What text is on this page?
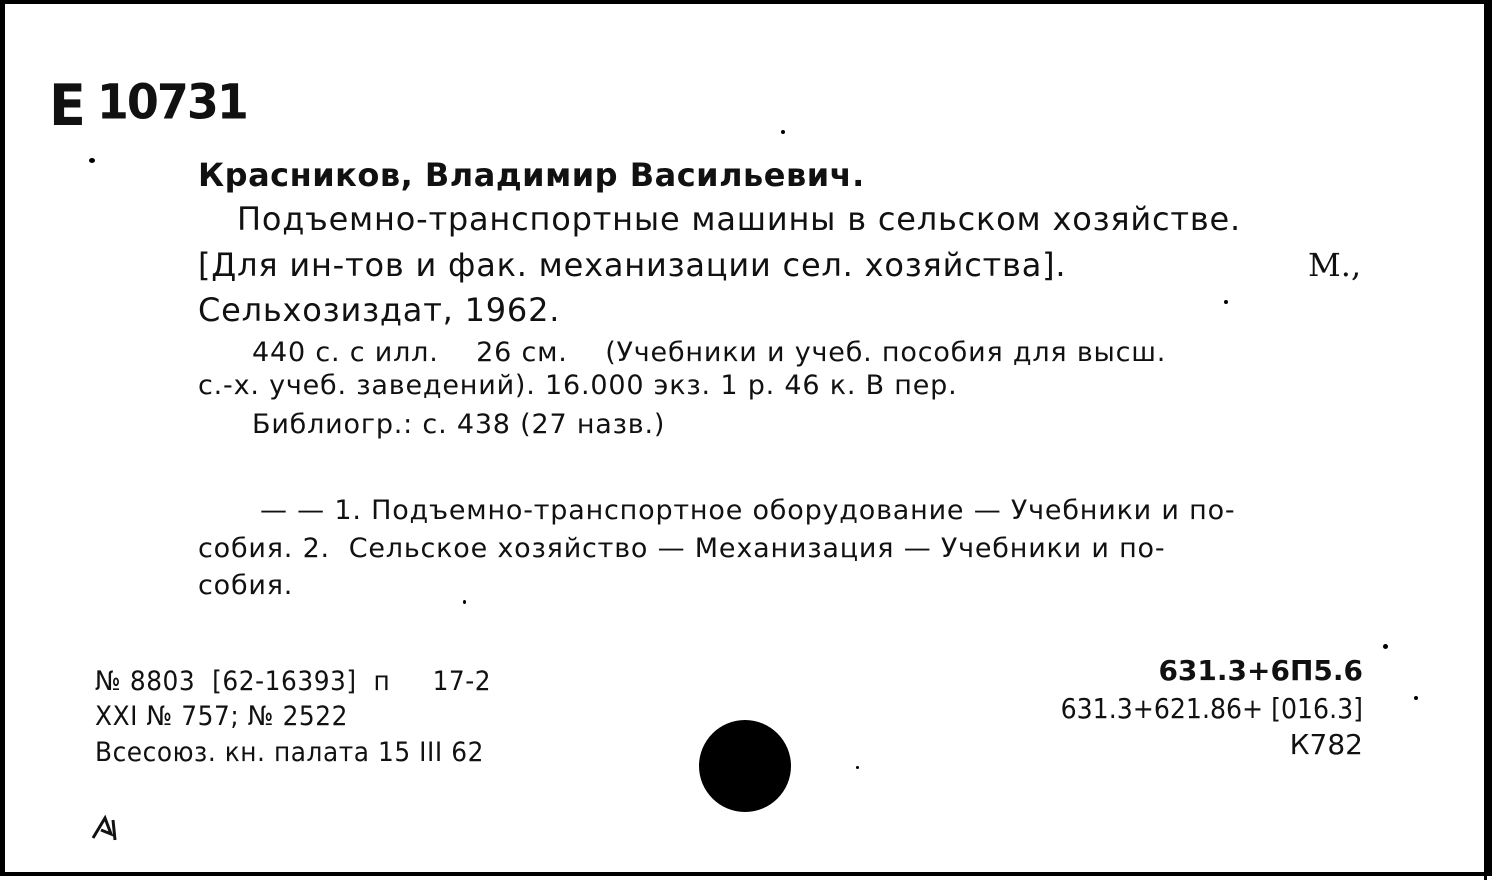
Е 10731
Красников, Владимир Васильевич.
Подъемно-транспортные машины в сельском хозяйстве.
[Для ин-тов и фак. механизации сел. хозяйства].	М.,
Сельхозиздат, 1962.
440 с. с илл.    26 см.    (Учебники и учеб. пособия для высш.
с.-х. учеб. заведений). 16.000 экз. 1 р. 46 к. В пер.
Библиогр.: с. 438 (27 назв.)
— — 1. Подъемно-транспортное оборудование — Учебники и по-
собия. 2.  Сельское хозяйство — Механизация — Учебники и по-
собия.
№ 8803  [62-16393]  п     17-2
XXI № 757; № 2522
Всесоюз. кн. палата 15 III 62
631.3+6П5.6
631.3+621.86+ [016.3]
К782
